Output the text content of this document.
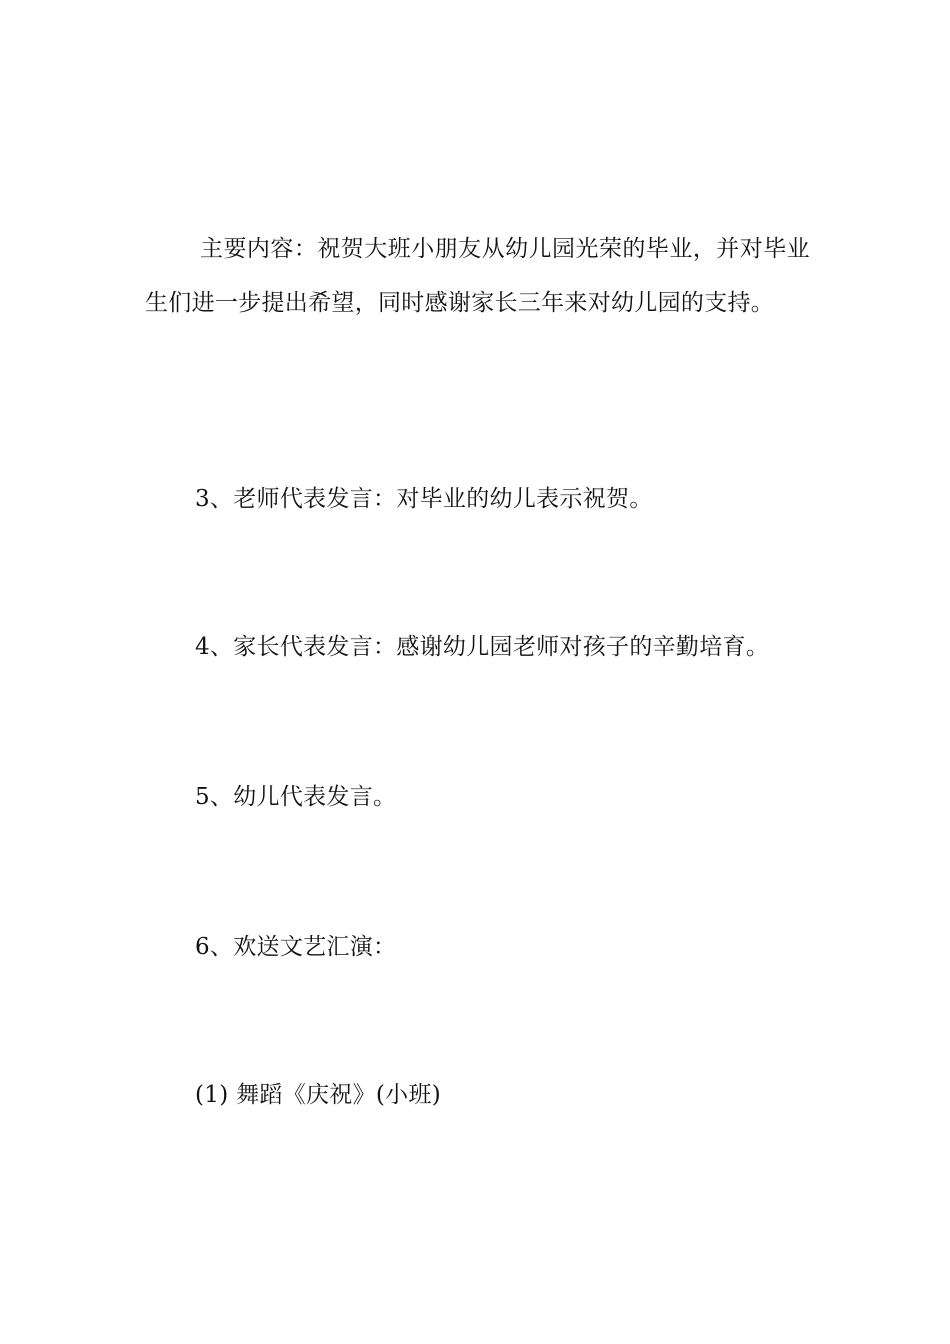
主要内容：祝贺大班小朋友从幼儿园光荣的毕业，并对毕业生们进一步提出希望，同时感谢家长三年来对幼儿园的支持。

3、老师代表发言：对毕业的幼儿表示祝贺。

4、家长代表发言：感谢幼儿园老师对孩子的辛勤培育。

5、幼儿代表发言。

6、欢送文艺汇演：

(1) 舞蹈《庆祝》(小班)
